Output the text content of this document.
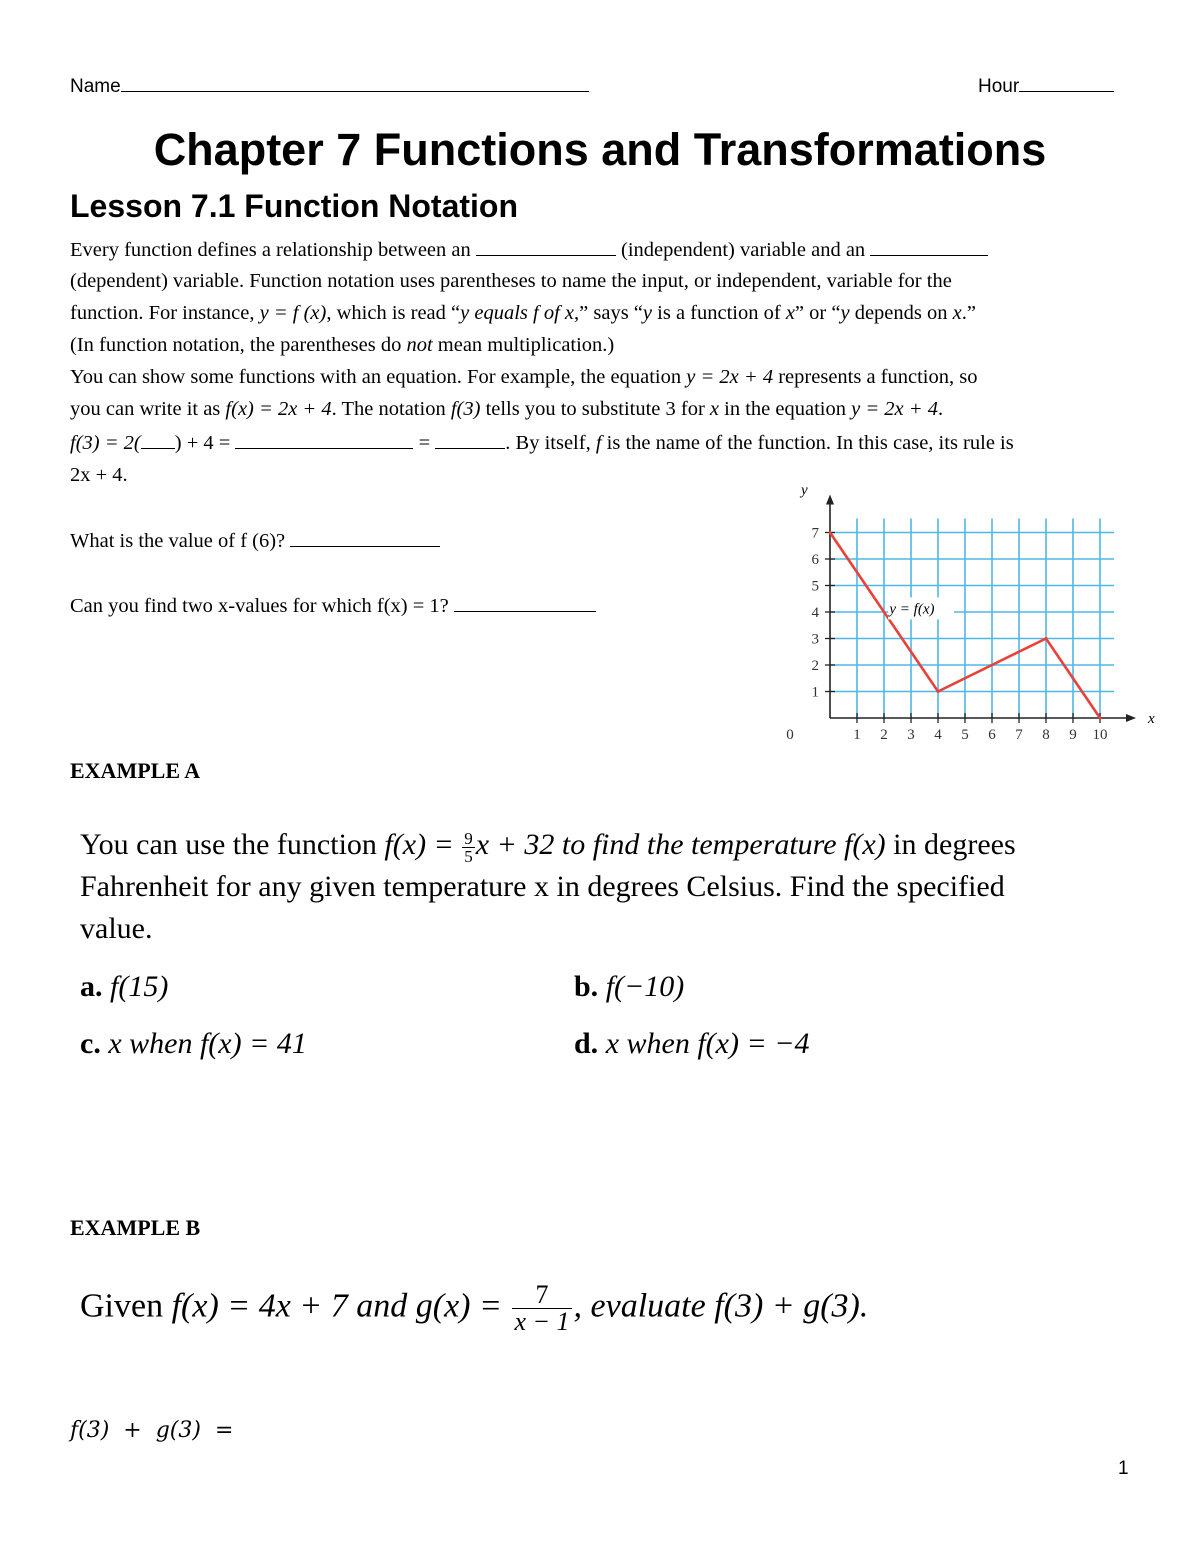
Name	Hour
Chapter 7 Functions and Transformations
Lesson 7.1 Function Notation
Every function defines a relationship between an	(independent) variable and an
(dependent) variable. Function notation uses parentheses to name the input, or independent, variable for the
function. For instance, y = f (x), which is read “y equals f of x,” says “y is a function of x” or “y depends on x.”
(In function notation, the parentheses do not mean multiplication.)
You can show some functions with an equation. For example, the equation y = 2x + 4 represents a function, so
you can write it as f(x) = 2x + 4. The notation f(3) tells you to substitute 3 for x in the equation y = 2x + 4.
f(3) = 2( ) + 4 =	=	. By itself, f is the name of the function. In this case, its rule is
2x + 4.
What is the value of f (6)?
Can you find two x-values for which f(x) = 1?
0	1 2 3 4 5 6 7 8 9 10
1
2
3
4
5
6
7
x
y
y = f(x)
EXAMPLE A
You can use the function $f(x) = \frac{9}{5}$ x + 32 to find the temperature f(x) in degrees
Fahrenheit for any given temperature x in degrees Celsius. Find the specified
value.
a. f(15)	b. f(−10)
c. x when f(x) = 41	d. x when f(x) = −4
EXAMPLE B
Given f(x) = 4x + 7 and $g(x) = \frac{7}{x - 1}$ , evaluate f(3) + g(3).
f(3)  +  g(3)  =
1
